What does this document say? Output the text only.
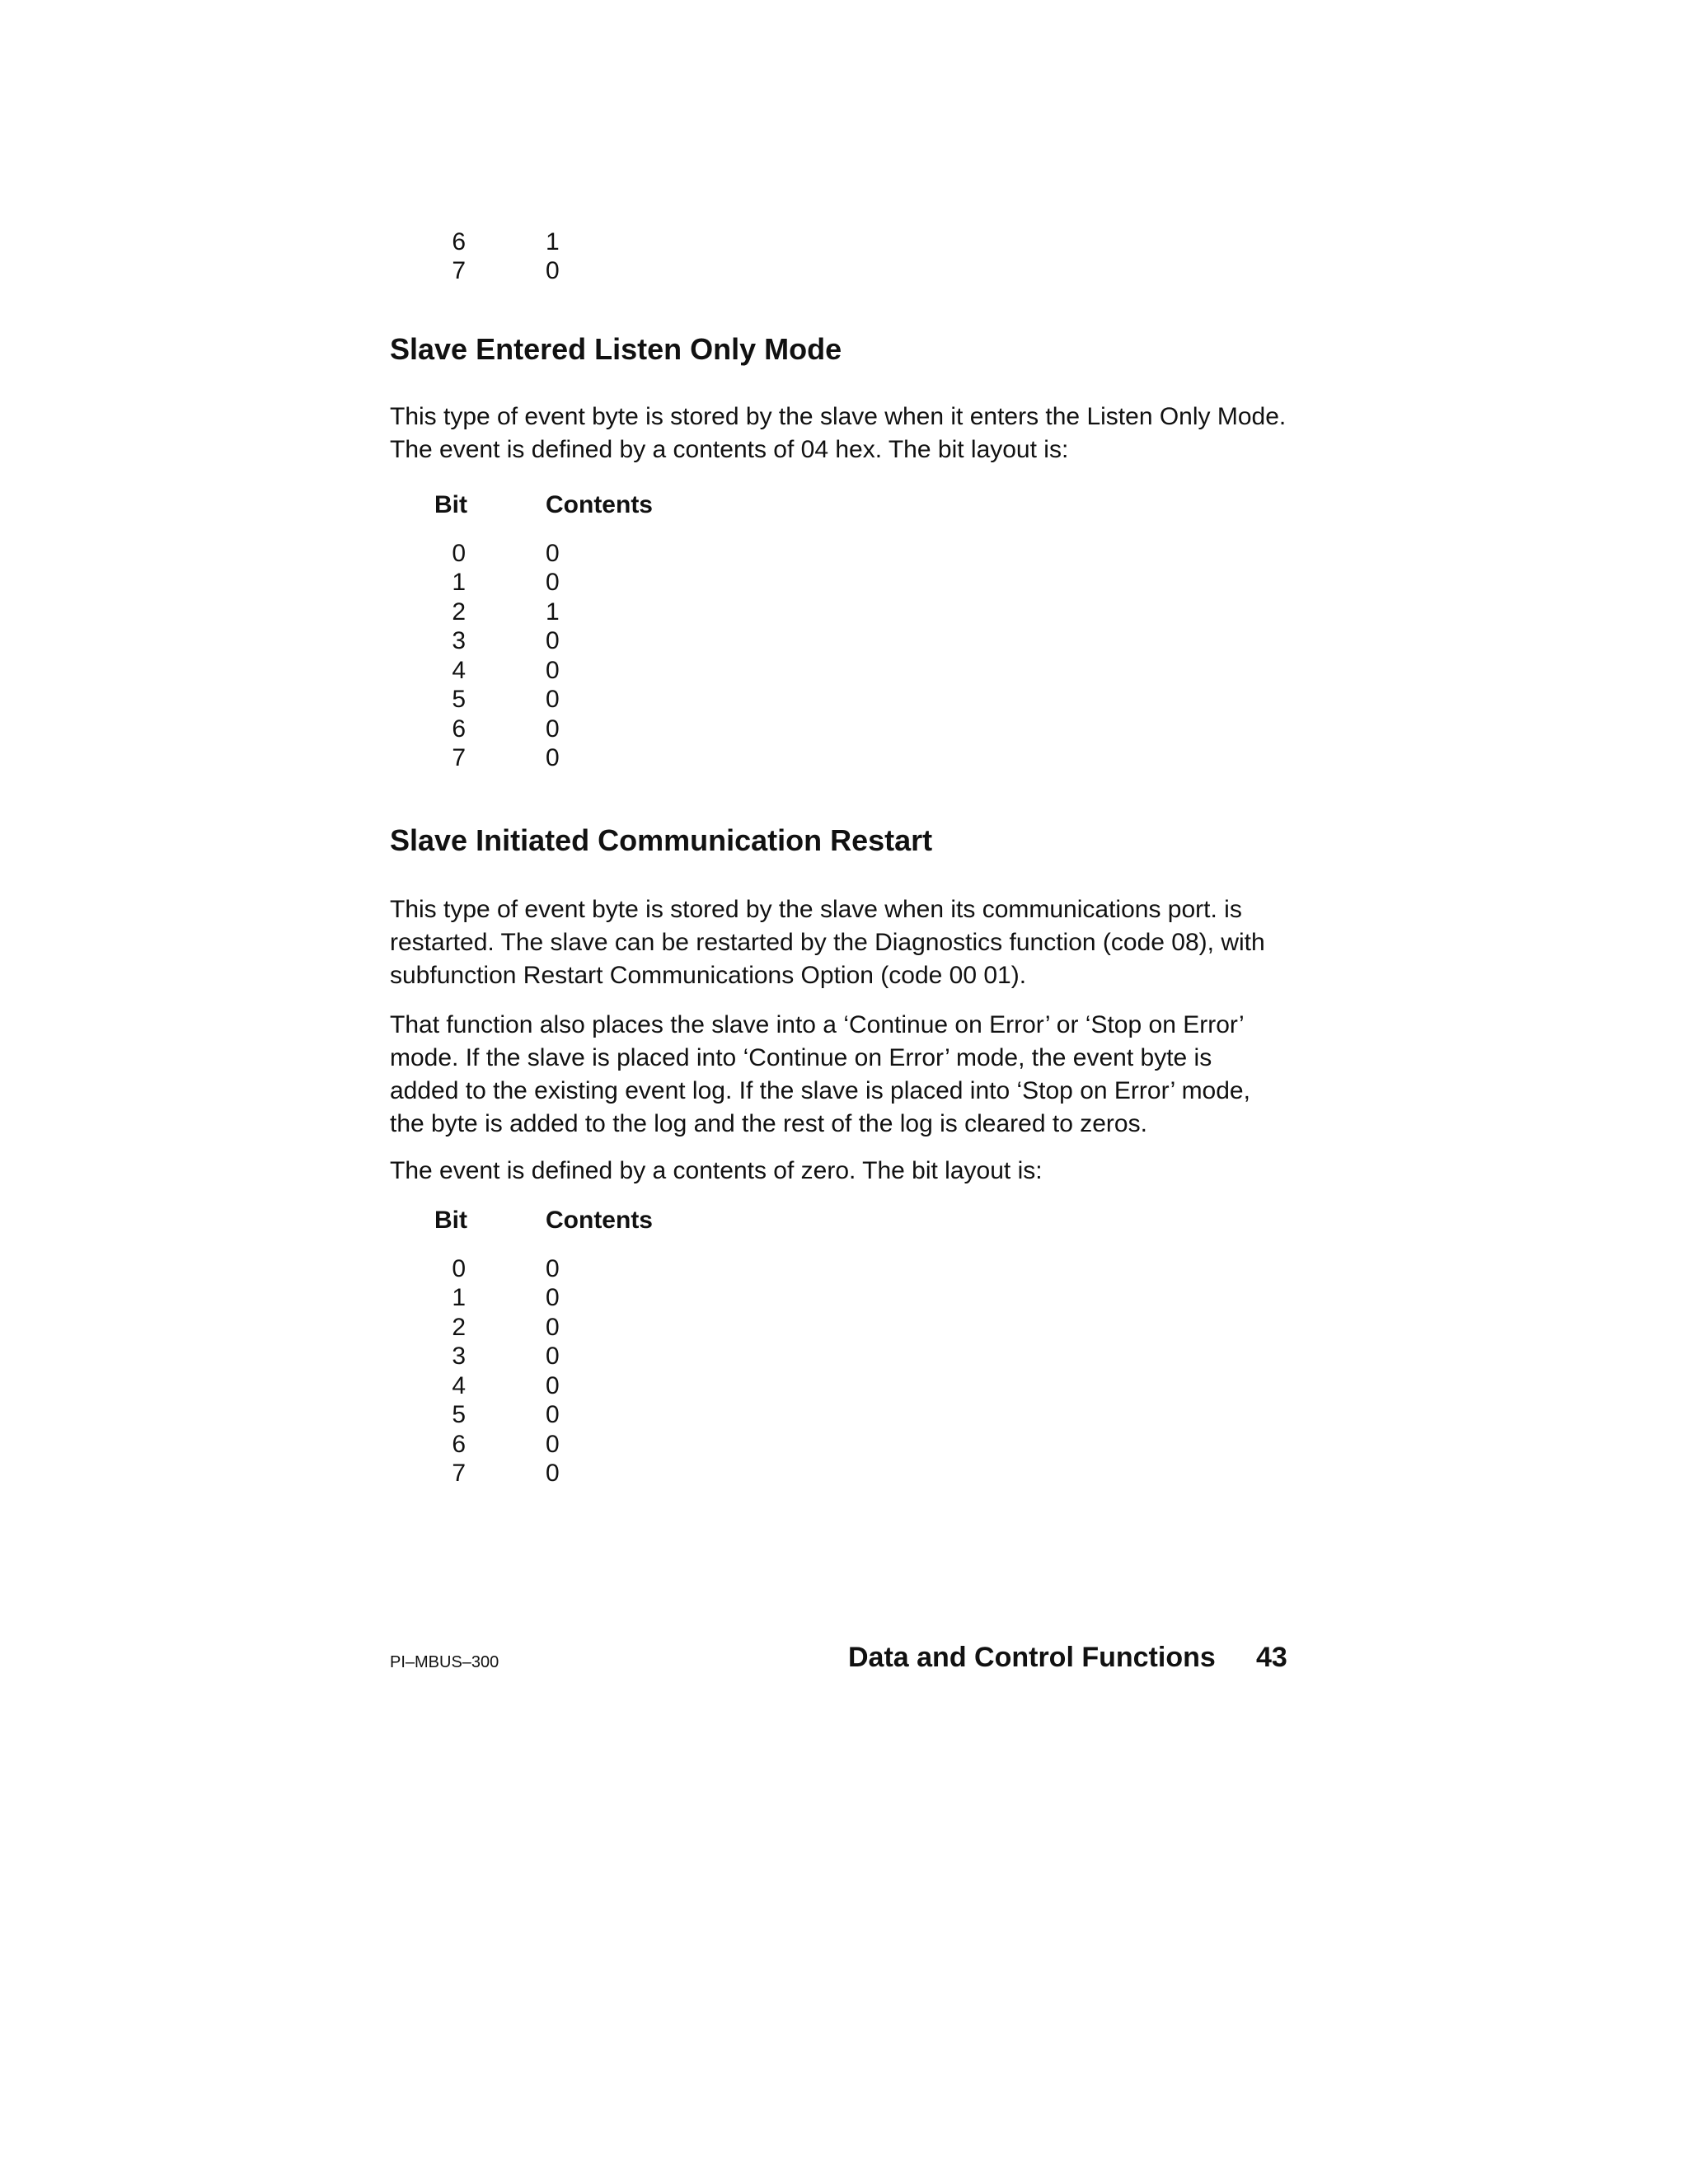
6	1
7	0
Slave Entered Listen Only Mode

This type of event byte is stored by the slave when it enters the Listen Only Mode.
The event is defined by a contents of 04 hex. The bit layout is:

Bit	Contents
0	0
1	0
2	1
3	0
4	0
5	0
6	0
7	0
Slave Initiated Communication Restart

This type of event byte is stored by the slave when its communications port. is
restarted. The slave can be restarted by the Diagnostics function (code 08), with
subfunction Restart Communications Option (code 00 01).

That function also places the slave into a ‘Continue on Error’ or ‘Stop on Error’
mode. If the slave is placed into ‘Continue on Error’ mode, the event byte is
added to the existing event log. If the slave is placed into ‘Stop on Error’ mode,
the byte is added to the log and the rest of the log is cleared to zeros.

The event is defined by a contents of zero. The bit layout is:

Bit	Contents
0	0
1	0
2	0
3	0
4	0
5	0
6	0
7	0
PI–MBUS–300	Data and Control Functions 43
